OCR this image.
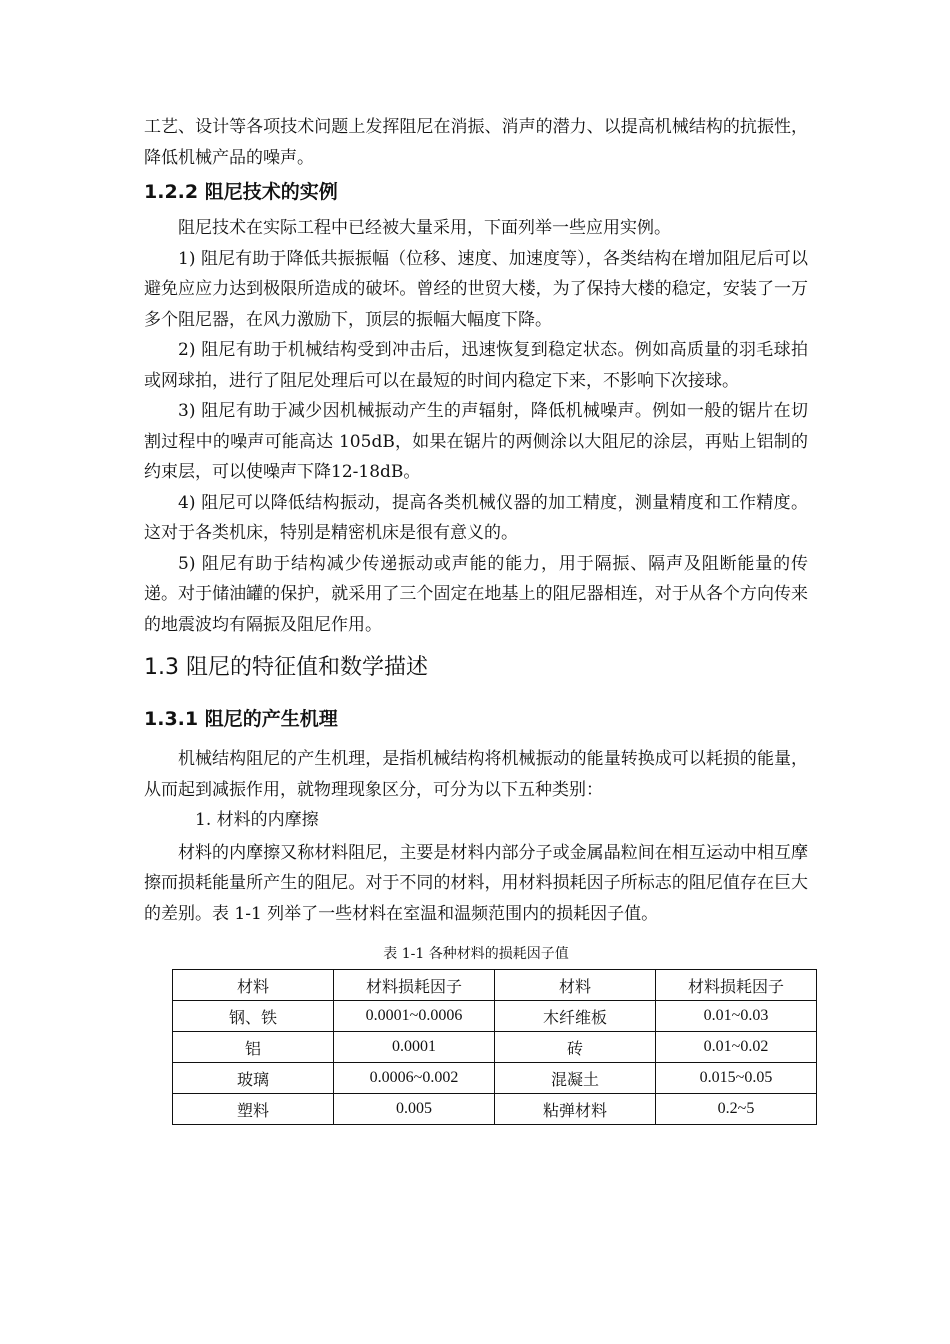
工艺、设计等各项技术问题上发挥阻尼在消振、消声的潜力、以提高机械结构的抗振性，降低机械产品的噪声。

1.2.2 阻尼技术的实例

阻尼技术在实际工程中已经被大量采用，下面列举一些应用实例。

1) 阻尼有助于降低共振振幅（位移、速度、加速度等），各类结构在增加阻尼后可以避免应应力达到极限所造成的破坏。曾经的世贸大楼，为了保持大楼的稳定，安装了一万多个阻尼器，在风力激励下，顶层的振幅大幅度下降。

2) 阻尼有助于机械结构受到冲击后，迅速恢复到稳定状态。例如高质量的羽毛球拍或网球拍，进行了阻尼处理后可以在最短的时间内稳定下来，不影响下次接球。

3) 阻尼有助于减少因机械振动产生的声辐射，降低机械噪声。例如一般的锯片在切割过程中的噪声可能高达 105dB，如果在锯片的两侧涂以大阻尼的涂层，再贴上铝制的约束层，可以使噪声下降12-18dB。

4) 阻尼可以降低结构振动，提高各类机械仪器的加工精度，测量精度和工作精度。这对于各类机床，特别是精密机床是很有意义的。

5) 阻尼有助于结构减少传递振动或声能的能力，用于隔振、隔声及阻断能量的传递。对于储油罐的保护，就采用了三个固定在地基上的阻尼器相连，对于从各个方向传来的地震波均有隔振及阻尼作用。

1.3 阻尼的特征值和数学描述
1.3.1 阻尼的产生机理

机械结构阻尼的产生机理，是指机械结构将机械振动的能量转换成可以耗损的能量，从而起到减振作用，就物理现象区分，可分为以下五种类别：

1. 材料的内摩擦

材料的内摩擦又称材料阻尼，主要是材料内部分子或金属晶粒间在相互运动中相互摩擦而损耗能量所产生的阻尼。对于不同的材料，用材料损耗因子所标志的阻尼值存在巨大的差别。表 1-1 列举了一些材料在室温和温频范围内的损耗因子值。

表 1-1 各种材料的损耗因子值
材料	材料损耗因子	材料	材料损耗因子
钢、铁	0.0001~0.0006	木纤维板	0.01~0.03
铝	0.0001	砖	0.01~0.02
玻璃	0.0006~0.002	混凝土	0.015~0.05
塑料	0.005	粘弹材料	0.2~5
